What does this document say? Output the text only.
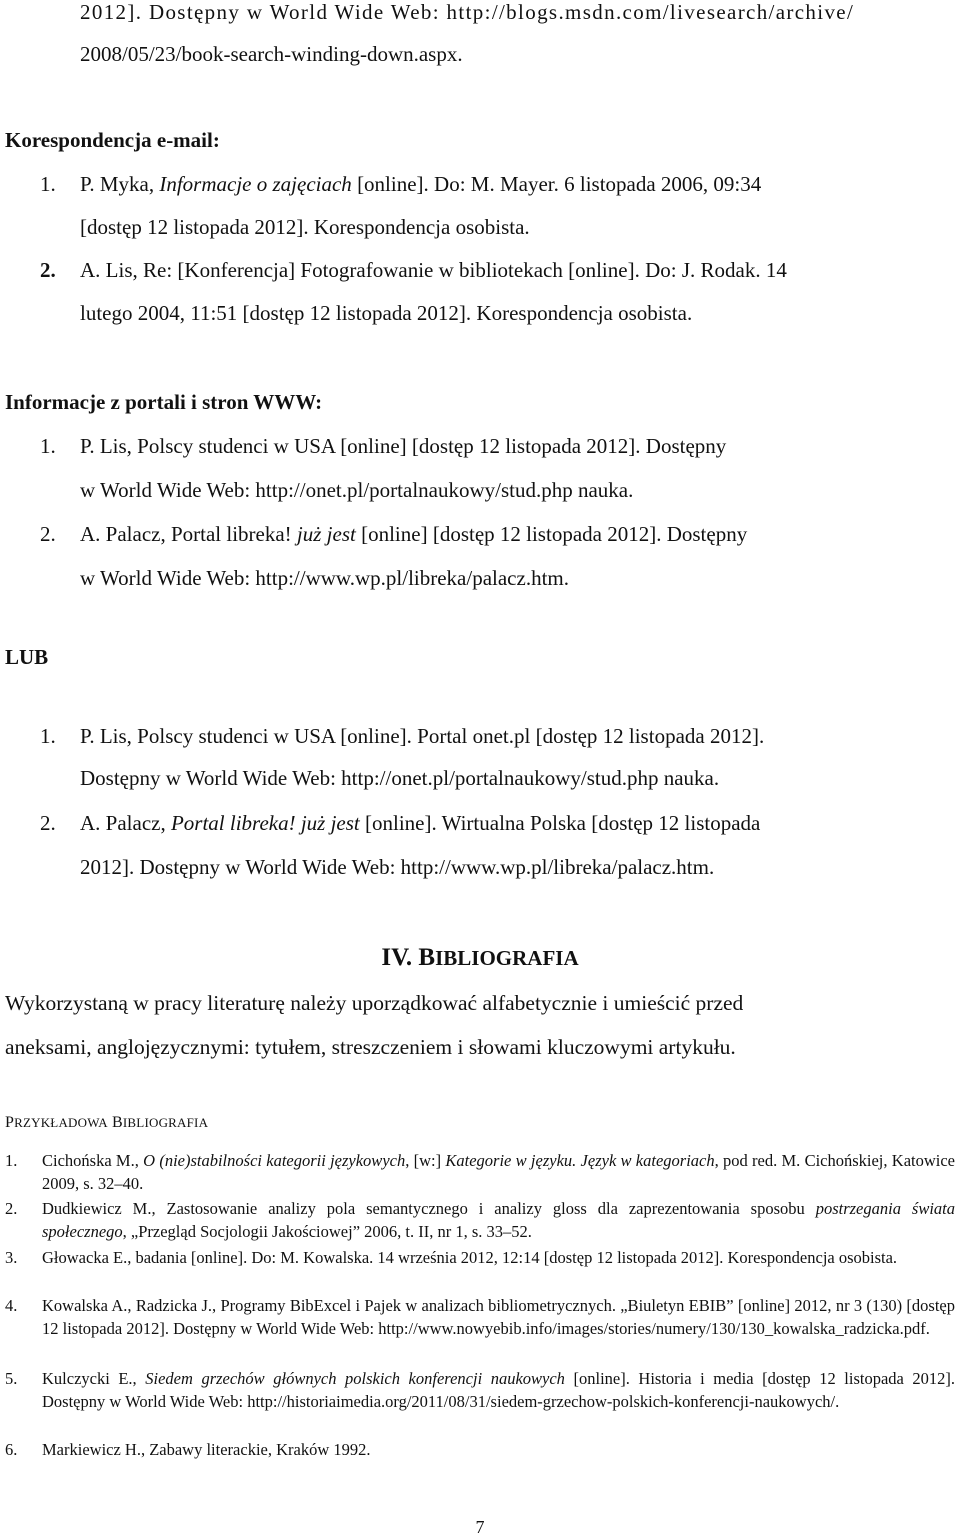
2012]. Dostępny w World Wide Web: http://blogs.msdn.com/livesearch/archive/
2008/05/23/book-search-winding-down.aspx.
Korespondencja e-mail:
1. P. Myka, Informacje o zajęciach [online]. Do: M. Mayer. 6 listopada 2006, 09:34
[dostęp 12 listopada 2012]. Korespondencja osobista.
2. A. Lis, Re: [Konferencja] Fotografowanie w bibliotekach [online]. Do: J. Rodak. 14
lutego 2004, 11:51 [dostęp 12 listopada 2012]. Korespondencja osobista.
Informacje z portali i stron WWW:
1. P. Lis, Polscy studenci w USA [online] [dostęp 12 listopada 2012]. Dostępny
w World Wide Web: http://onet.pl/portalnaukowy/stud.php nauka.
2. A. Palacz, Portal libreka! już jest [online] [dostęp 12 listopada 2012]. Dostępny
w World Wide Web: http://www.wp.pl/libreka/palacz.htm.
LUB
1. P. Lis, Polscy studenci w USA [online]. Portal onet.pl [dostęp 12 listopada 2012].
Dostępny w World Wide Web: http://onet.pl/portalnaukowy/stud.php nauka.
2. A. Palacz, Portal libreka! już jest [online]. Wirtualna Polska [dostęp 12 listopada
2012]. Dostępny w World Wide Web: http://www.wp.pl/libreka/palacz.htm.
IV. BIBLIOGRAFIA
Wykorzystaną w pracy literaturę należy uporządkować alfabetycznie i umieścić przed
aneksami, anglojęzycznymi: tytułem, streszczeniem i słowami kluczowymi artykułu.
PRZYKŁADOWA BIBLIOGRAFIA
1. Cichońska M., O (nie)stabilności kategorii językowych, [w:] Kategorie w języku. Język w kategoriach, pod red. M. Cichońskiej, Katowice 2009, s. 32–40.
2. Dudkiewicz M., Zastosowanie analizy pola semantycznego i analizy gloss dla zaprezentowania sposobu postrzegania świata społecznego, „Przegląd Socjologii Jakościowej” 2006, t. II, nr 1, s. 33–52.
3. Głowacka E., badania [online]. Do: M. Kowalska. 14 września 2012, 12:14 [dostęp 12 listopada 2012]. Korespondencja osobista.
4. Kowalska A., Radzicka J., Programy BibExcel i Pajek w analizach bibliometrycznych. „Biuletyn EBIB” [online] 2012, nr 3 (130) [dostęp 12 listopada 2012]. Dostępny w World Wide Web: http://www.nowyebib.info/images/stories/numery/130/130_kowalska_radzicka.pdf.
5. Kulczycki E., Siedem grzechów głównych polskich konferencji naukowych [online]. Historia i media [dostęp 12 listopada 2012]. Dostępny w World Wide Web: http://historiaimedia.org/2011/08/31/siedem-grzechow-polskich-konferencji-naukowych/.
6. Markiewicz H., Zabawy literackie, Kraków 1992.
7
